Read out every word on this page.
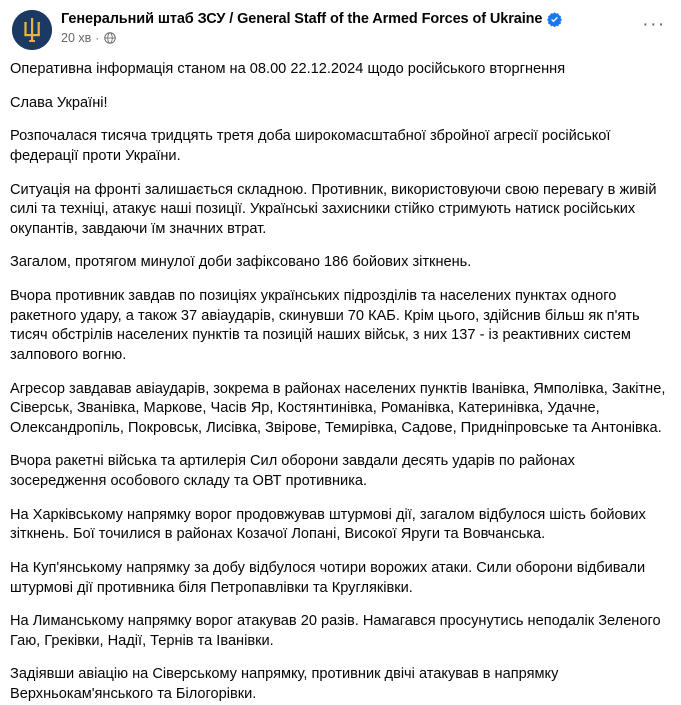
Генеральний штаб ЗСУ / General Staff of the Armed Forces of Ukraine
20 хв ·
···

Оперативна інформація станом на 08.00 22.12.2024 щодо російського вторгнення

Слава Україні!

Розпочалася тисяча тридцять третя доба широкомасштабної збройної агресії російської федерації проти України.

Ситуація на фронті залишається складною. Противник, використовуючи свою перевагу в живій силі та техніці, атакує наші позиції. Українські захисники стійко стримують натиск російських окупантів, завдаючи їм значних втрат.

Загалом, протягом минулої доби зафіксовано 186 бойових зіткнень.

Вчора противник завдав по позиціях українських підрозділів та населених пунктах одного ракетного удару, а також 37 авіаударів, скинувши 70 КАБ. Крім цього, здійснив більш як п'ять тисяч обстрілів населених пунктів та позицій наших військ, з них 137 - із реактивних систем залпового вогню.

Агресор завдавав авіаударів, зокрема в районах населених пунктів Іванівка, Ямполівка, Закітне, Сіверськ, Званівка, Маркове, Часів Яр, Костянтинівка, Романівка, Катеринівка, Удачне, Олександропіль, Покровськ, Лисівка, Звірове, Темирівка, Садове, Придніпровське та Антонівка.

Вчора ракетні війська та артилерія Сил оборони завдали десять ударів по районах зосередження особового складу та ОВТ противника.

На Харківському напрямку ворог продовжував штурмові дії, загалом відбулося шість бойових зіткнень. Бої точилися в районах Козачої Лопані, Високої Яруги та Вовчанська.

На Куп'янському напрямку за добу відбулося чотири ворожих атаки. Сили оборони відбивали штурмові дії противника біля Петропавлівки та Кругляківки.

На Лиманському напрямку ворог атакував 20 разів. Намагався просунутись неподалік Зеленого Гаю, Греківки, Надії, Тернів та Іванівки.

Задіявши авіацію на Сіверському напрямку, противник двічі атакував в напрямку Верхньокам'янського та Білогорівки.
